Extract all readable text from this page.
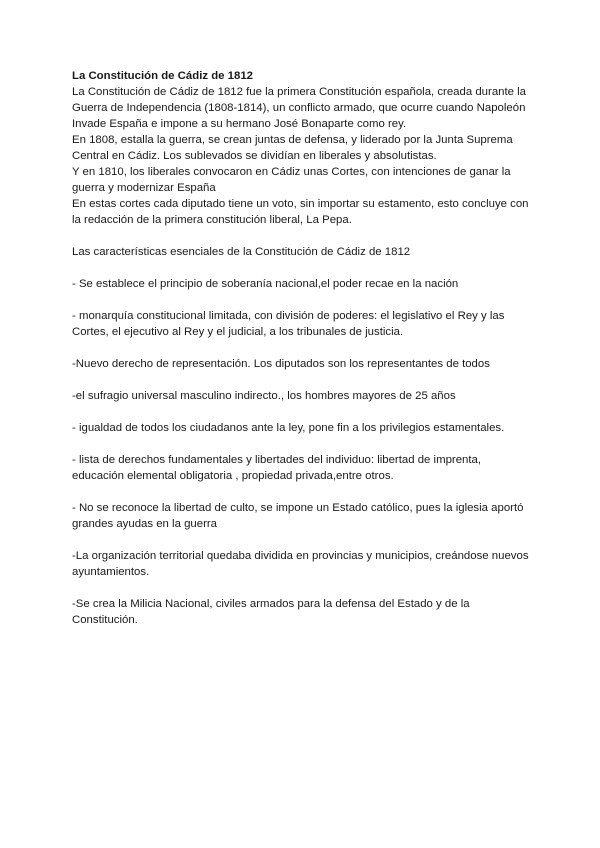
La Constitución de Cádiz de 1812

La Constitución de Cádiz de 1812 fue la primera Constitución española, creada durante la Guerra de Independencia (1808-1814), un conflicto armado, que ocurre cuando Napoleón Invade España e impone a su hermano José Bonaparte como rey.

En 1808, estalla la guerra, se crean juntas de defensa, y liderado por la Junta Suprema Central en Cádiz. Los sublevados se dividían en liberales y absolutistas.

Y en 1810, los liberales convocaron en Cádiz unas Cortes, con intenciones de ganar la guerra y modernizar España

En estas cortes cada diputado tiene un voto, sin importar su estamento, esto concluye con la redacción de la primera constitución liberal, La Pepa.

Las características esenciales de la Constitución de Cádiz de 1812

- Se establece el principio de soberanía nacional,el poder recae en la nación

- monarquía constitucional limitada, con división de poderes: el legislativo el Rey y las Cortes, el ejecutivo al Rey y el judicial, a los tribunales de justicia.

-Nuevo derecho de representación. Los diputados son los representantes de todos

-el sufragio universal masculino indirecto., los hombres mayores de 25 años

- igualdad de todos los ciudadanos ante la ley, pone fin a los privilegios estamentales.

- lista de derechos fundamentales y libertades del individuo: libertad de imprenta, educación elemental obligatoria , propiedad privada,entre otros.

- No se reconoce la libertad de culto, se impone un Estado católico, pues la iglesia aportó grandes ayudas en la guerra

-La organización territorial quedaba dividida en provincias y municipios, creándose nuevos ayuntamientos.

-Se crea la Milicia Nacional, civiles armados para la defensa del Estado y de la Constitución.
